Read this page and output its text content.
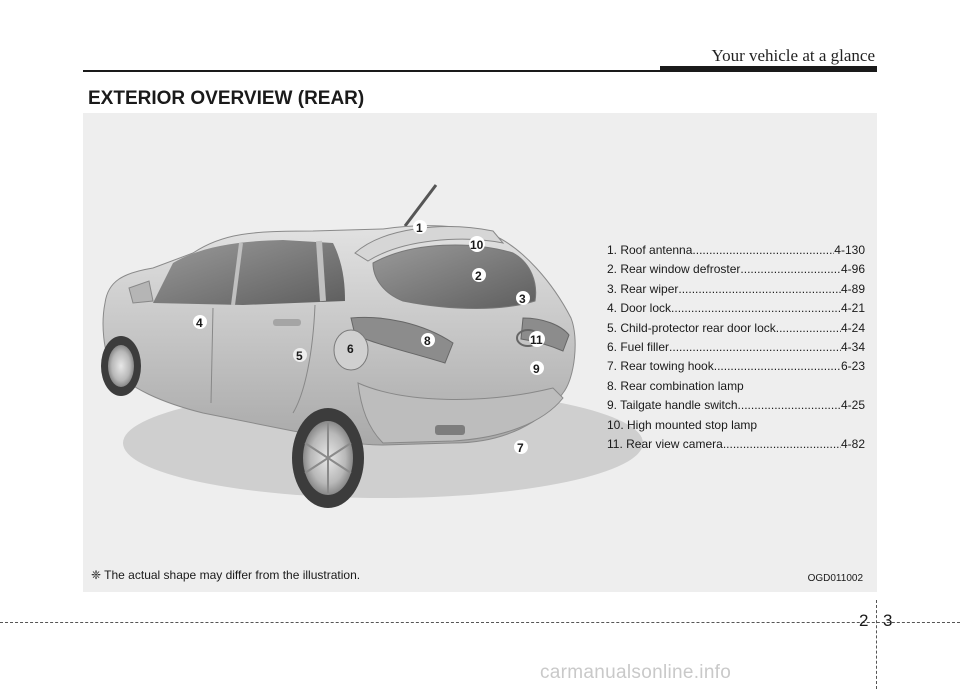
Your vehicle at a glance
EXTERIOR OVERVIEW (REAR)
1
10
2
3
4
8	11
6
5
9
7
1. Roof antenna .....	4-130
2. Rear window defroster .....	4-96
3. Rear wiper .....	4-89
4. Door lock .....	4-21
5. Child-protector rear door lock .....	4-24
6. Fuel filler .....	4-34
7. Rear towing hook .....	6-23
8. Rear combination lamp
9. Tailgate handle switch .....	4-25
10. High mounted stop lamp
11. Rear view camera .....	4-82
❈ The actual shape may differ from the illustration.	OGD011002
2 3
carmanualsonline.info
